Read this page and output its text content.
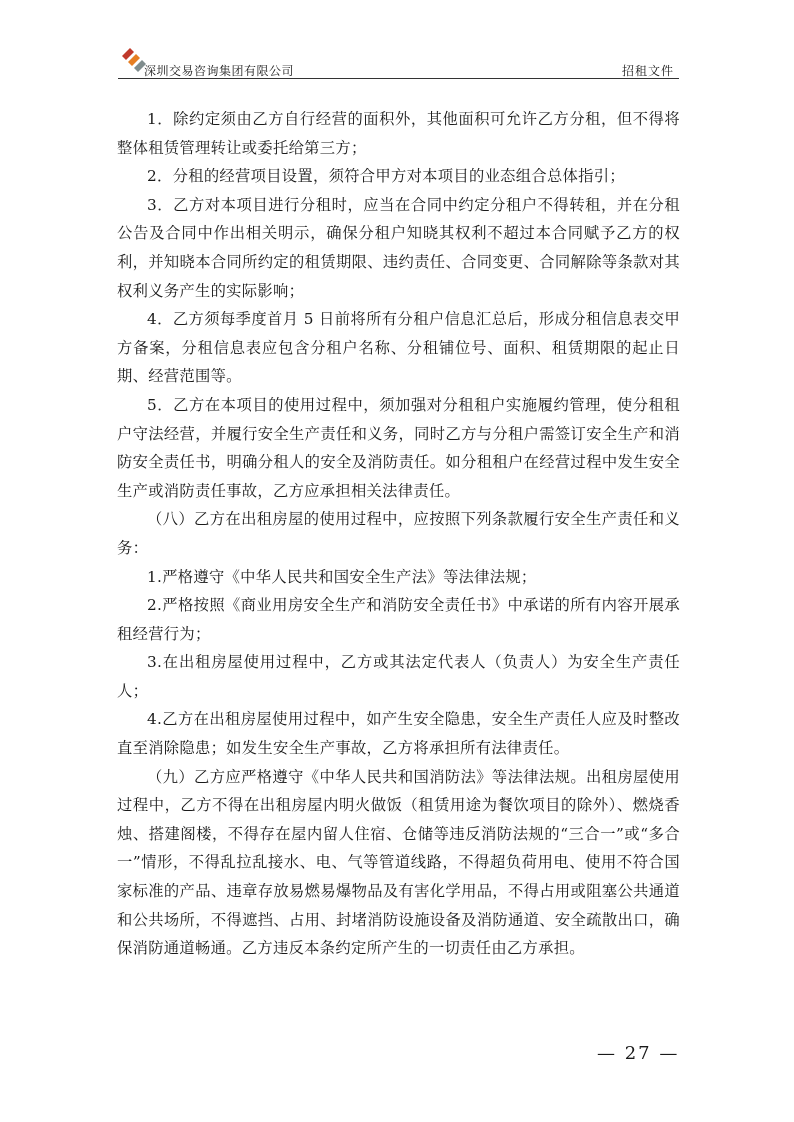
深圳交易咨询集团有限公司	招租文件

1．除约定须由乙方自行经营的面积外，其他面积可允许乙方分租，但不得将整体租赁管理转让或委托给第三方；

2．分租的经营项目设置，须符合甲方对本项目的业态组合总体指引；

3．乙方对本项目进行分租时，应当在合同中约定分租户不得转租，并在分租公告及合同中作出相关明示，确保分租户知晓其权利不超过本合同赋予乙方的权利，并知晓本合同所约定的租赁期限、违约责任、合同变更、合同解除等条款对其权利义务产生的实际影响；

4．乙方须每季度首月 5 日前将所有分租户信息汇总后，形成分租信息表交甲方备案，分租信息表应包含分租户名称、分租铺位号、面积、租赁期限的起止日期、经营范围等。

5．乙方在本项目的使用过程中，须加强对分租租户实施履约管理，使分租租户守法经营，并履行安全生产责任和义务，同时乙方与分租户需签订安全生产和消防安全责任书，明确分租人的安全及消防责任。如分租租户在经营过程中发生安全生产或消防责任事故，乙方应承担相关法律责任。

（八）乙方在出租房屋的使用过程中，应按照下列条款履行安全生产责任和义务：

1.严格遵守《中华人民共和国安全生产法》等法律法规；

2.严格按照《商业用房安全生产和消防安全责任书》中承诺的所有内容开展承租经营行为；

3.在出租房屋使用过程中，乙方或其法定代表人（负责人）为安全生产责任人；

4.乙方在出租房屋使用过程中，如产生安全隐患，安全生产责任人应及时整改直至消除隐患；如发生安全生产事故，乙方将承担所有法律责任。

（九）乙方应严格遵守《中华人民共和国消防法》等法律法规。出租房屋使用过程中，乙方不得在出租房屋内明火做饭（租赁用途为餐饮项目的除外）、燃烧香烛、搭建阁楼，不得存在屋内留人住宿、仓储等违反消防法规的“三合一”或“多合一”情形，不得乱拉乱接水、电、气等管道线路，不得超负荷用电、使用不符合国家标准的产品、违章存放易燃易爆物品及有害化学用品，不得占用或阻塞公共通道和公共场所，不得遮挡、占用、封堵消防设施设备及消防通道、安全疏散出口，确保消防通道畅通。乙方违反本条约定所产生的一切责任由乙方承担。

— 27 —
